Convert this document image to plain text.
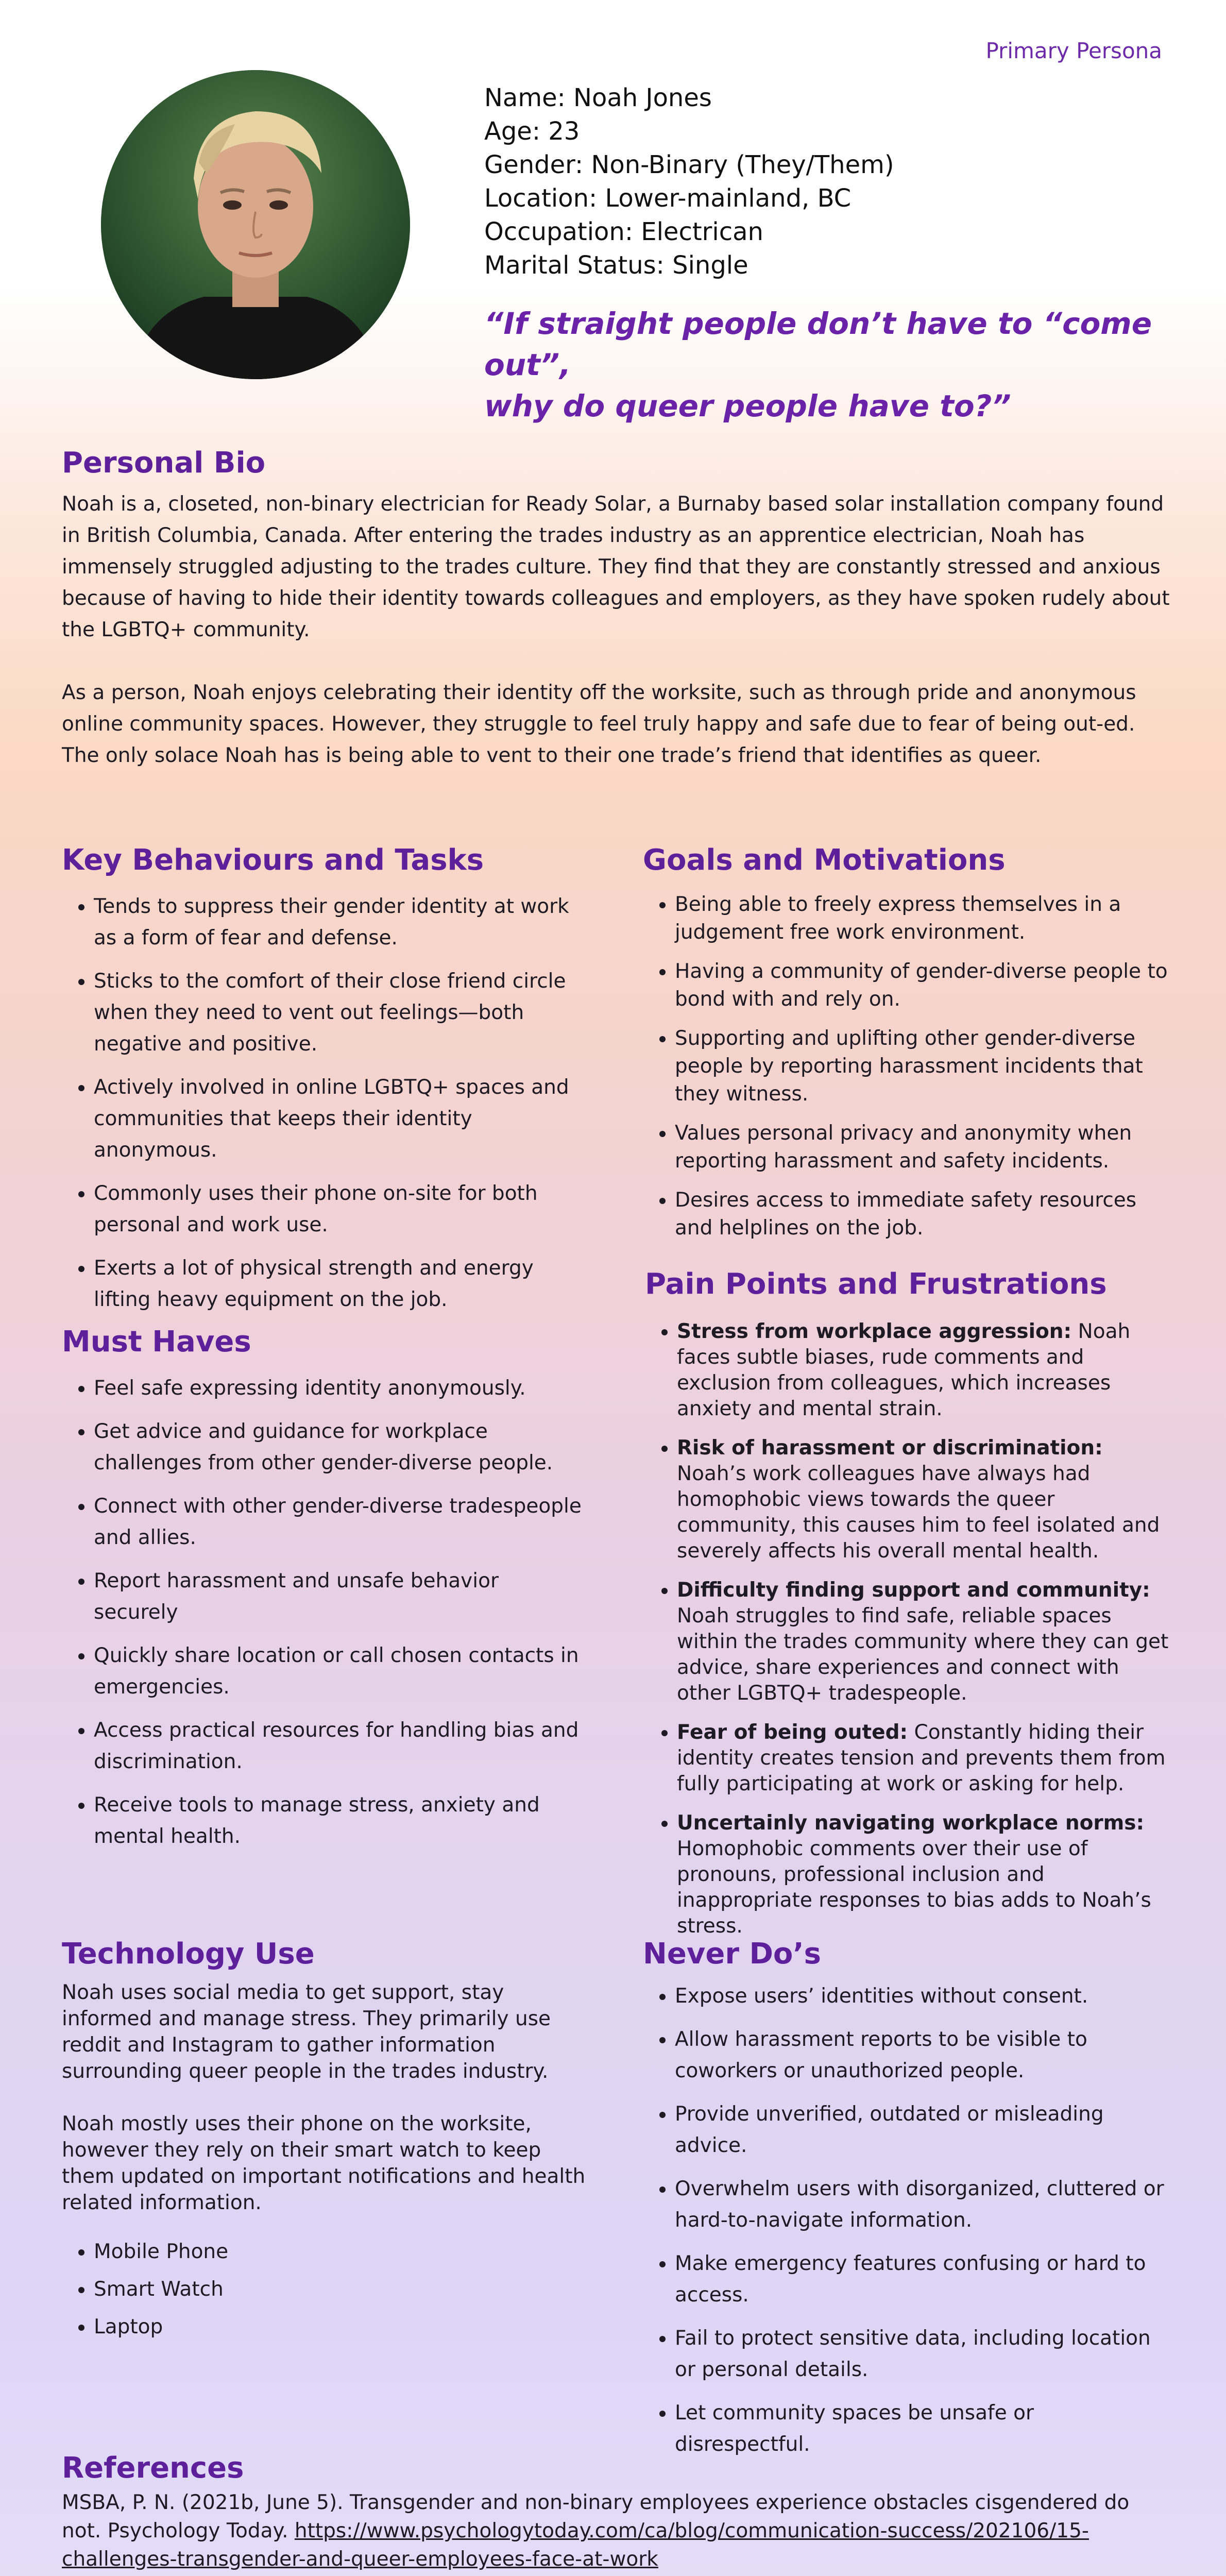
Primary Persona
Name: Noah Jones
Age: 23
Gender: Non-Binary (They/Them)
Location: Lower-mainland, BC
Occupation: Electrican
Marital Status: Single
“If straight people don’t have to “come out”,
why do queer people have to?”
Personal Bio

Noah is a, closeted, non-binary electrician for Ready Solar, a Burnaby based solar installation company found in British Columbia, Canada. After entering the trades industry as an apprentice electrician, Noah has immensely struggled adjusting to the trades culture. They find that they are constantly stressed and anxious because of having to hide their identity towards colleagues and employers, as they have spoken rudely about the LGBTQ+ community.

As a person, Noah enjoys celebrating their identity off the worksite, such as through pride and anonymous online community spaces. However, they struggle to feel truly happy and safe due to fear of being out-ed. The only solace Noah has is being able to vent to their one trade’s friend that identifies as queer.

Key Behaviours and Tasks
• Tends to suppress their gender identity at work as a form of fear and defense.
• Sticks to the comfort of their close friend circle when they need to vent out feelings—both negative and positive.
• Actively involved in online LGBTQ+ spaces and communities that keeps their identity anonymous.
• Commonly uses their phone on-site for both personal and work use.
• Exerts a lot of physical strength and energy lifting heavy equipment on the job.
Goals and Motivations
• Being able to freely express themselves in a judgement free work environment.
• Having a community of gender-diverse people to bond with and rely on.
• Supporting and uplifting other gender-diverse people by reporting harassment incidents that they witness.
• Values personal privacy and anonymity when reporting harassment and safety incidents.
• Desires access to immediate safety resources and helplines on the job.
Must Haves
• Feel safe expressing identity anonymously.
• Get advice and guidance for workplace challenges from other gender-diverse people.
• Connect with other gender-diverse tradespeople and allies.
• Report harassment and unsafe behavior securely
• Quickly share location or call chosen contacts in emergencies.
• Access practical resources for handling bias and discrimination.
• Receive tools to manage stress, anxiety and mental health.
Pain Points and Frustrations
• Stress from workplace aggression: Noah faces subtle biases, rude comments and exclusion from colleagues, which increases anxiety and mental strain.
• Risk of harassment or discrimination: Noah’s work colleagues have always had homophobic views towards the queer community, this causes him to feel isolated and severely affects his overall mental health.
• Difficulty finding support and community: Noah struggles to find safe, reliable spaces within the trades community where they can get advice, share experiences and connect with other LGBTQ+ tradespeople.
• Fear of being outed: Constantly hiding their identity creates tension and prevents them from fully participating at work or asking for help.
• Uncertainly navigating workplace norms: Homophobic comments over their use of pronouns, professional inclusion and inappropriate responses to bias adds to Noah’s stress.
Technology Use

Noah uses social media to get support, stay informed and manage stress. They primarily use reddit and Instagram to gather information surrounding queer people in the trades industry.

Noah mostly uses their phone on the worksite, however they rely on their smart watch to keep them updated on important notifications and health related information.

• Mobile Phone
• Smart Watch
• Laptop
Never Do’s
• Expose users’ identities without consent.
• Allow harassment reports to be visible to coworkers or unauthorized people.
• Provide unverified, outdated or misleading advice.
• Overwhelm users with disorganized, cluttered or hard-to-navigate information.
• Make emergency features confusing or hard to access.
• Fail to protect sensitive data, including location or personal details.
• Let community spaces be unsafe or disrespectful.
References

MSBA, P. N. (2021b, June 5). Transgender and non-binary employees experience obstacles cisgendered do not. Psychology Today. https://www.psychologytoday.com/ca/blog/communication-success/202106/15-challenges-transgender-and-queer-employees-face-at-work
